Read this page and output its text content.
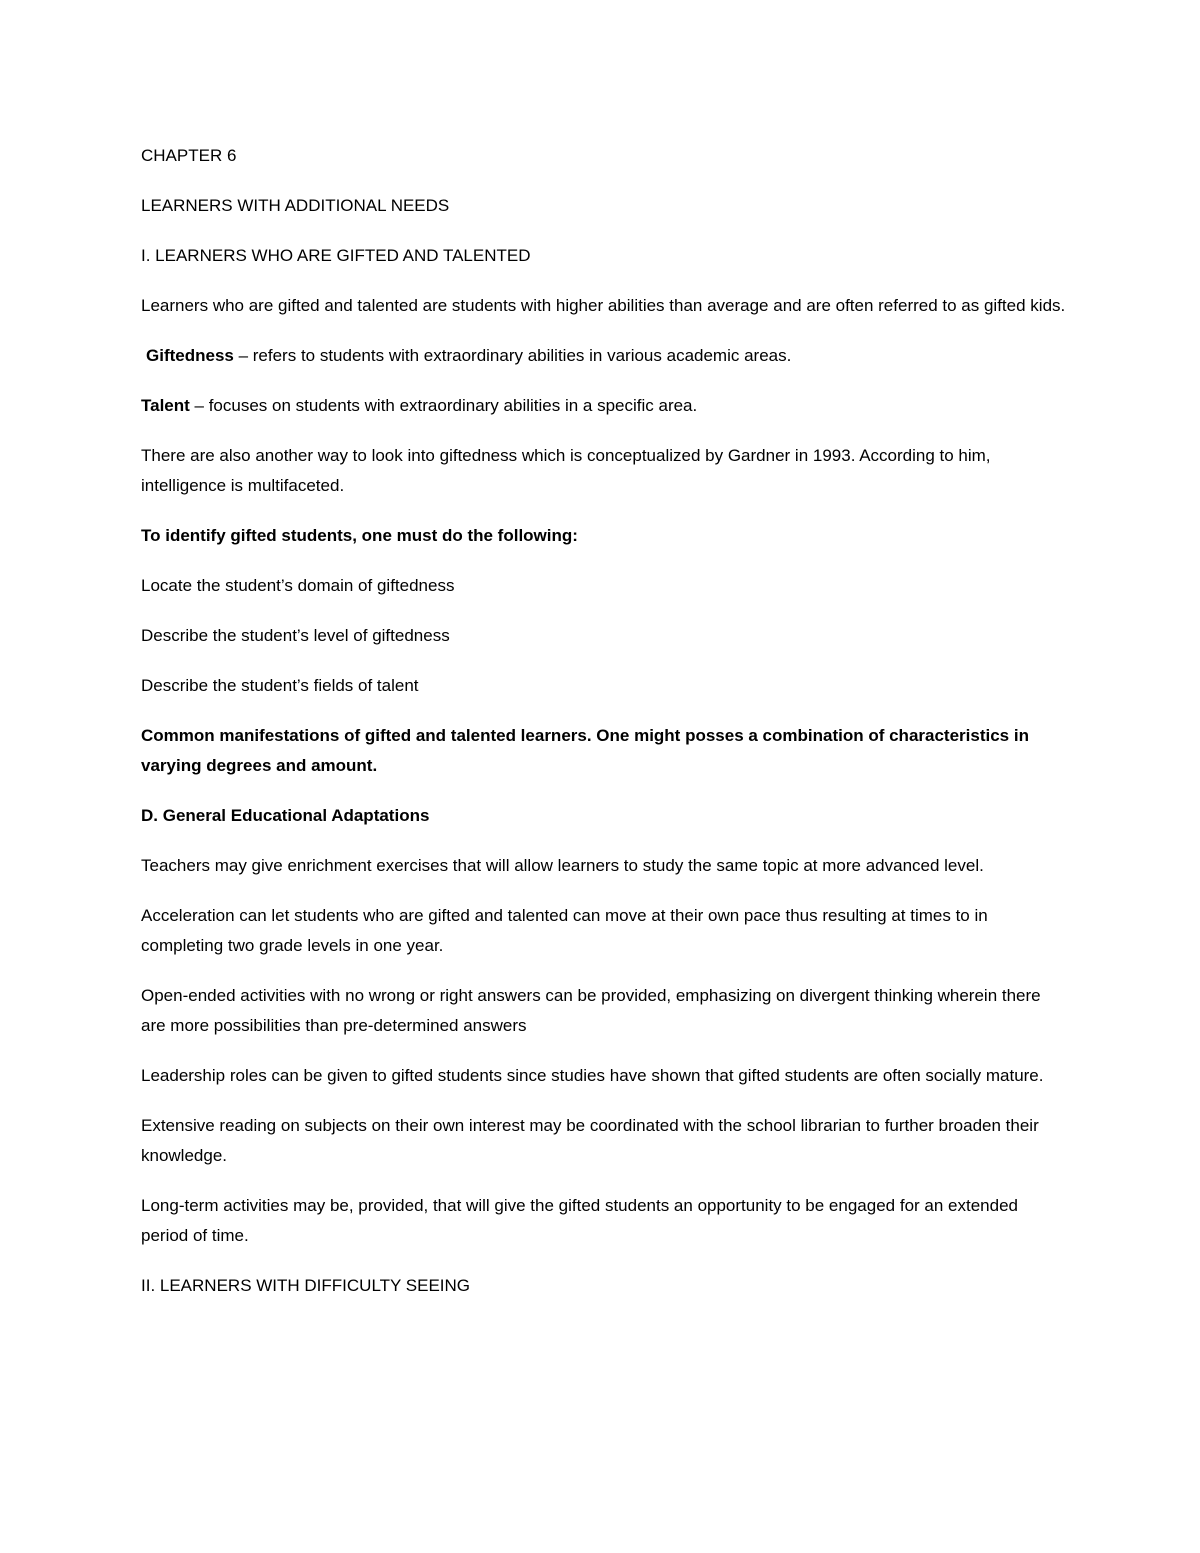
CHAPTER 6

LEARNERS WITH ADDITIONAL NEEDS

I. LEARNERS WHO ARE GIFTED AND TALENTED

Learners who are gifted and talented are students with higher abilities than average and are often referred to as gifted kids.

Giftedness – refers to students with extraordinary abilities in various academic areas.

Talent – focuses on students with extraordinary abilities in a specific area.

There are also another way to look into giftedness which is conceptualized by Gardner in 1993. According to him, intelligence is multifaceted.

To identify gifted students, one must do the following:

Locate the student’s domain of giftedness

Describe the student’s level of giftedness

Describe the student’s fields of talent

Common manifestations of gifted and talented learners. One might posses a combination of characteristics in varying degrees and amount.

D. General Educational Adaptations

Teachers may give enrichment exercises that will allow learners to study the same topic at more advanced level.

Acceleration can let students who are gifted and talented can move at their own pace thus resulting at times to in completing two grade levels in one year.

Open-ended activities with no wrong or right answers can be provided, emphasizing on divergent thinking wherein there are more possibilities than pre-determined answers

Leadership roles can be given to gifted students since studies have shown that gifted students are often socially mature.

Extensive reading on subjects on their own interest may be coordinated with the school librarian to further broaden their knowledge.

Long-term activities may be, provided, that will give the gifted students an opportunity to be engaged for an extended period of time.

II. LEARNERS WITH DIFFICULTY SEEING
